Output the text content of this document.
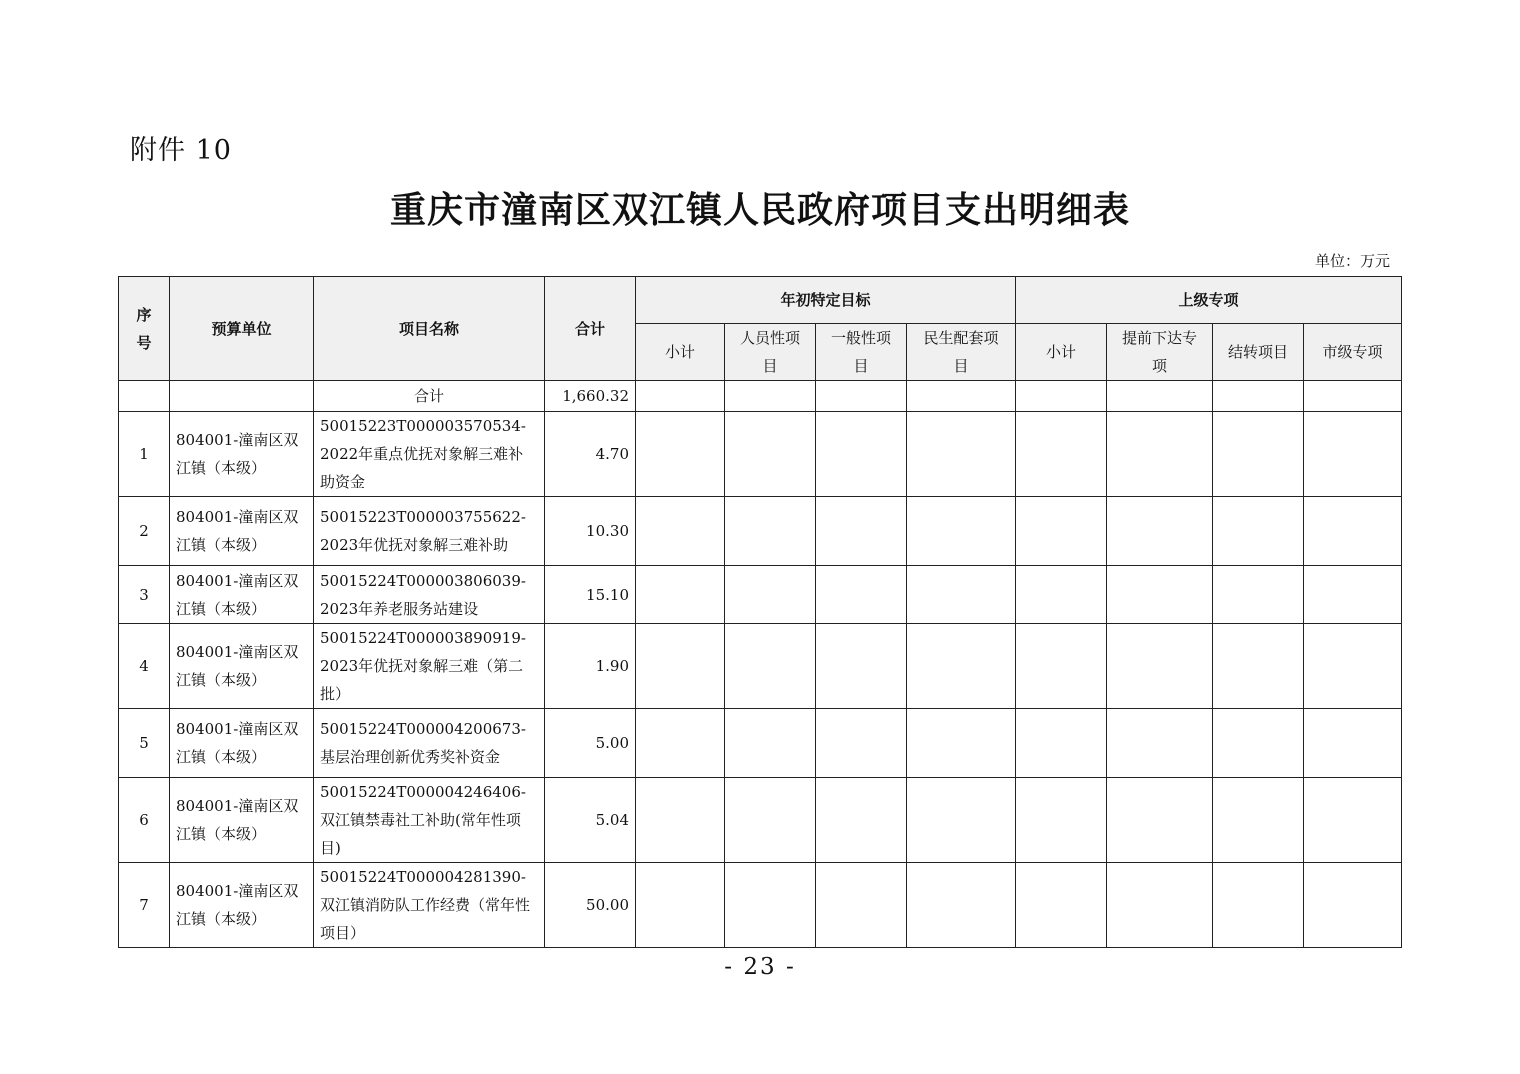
附件 10
重庆市潼南区双江镇人民政府项目支出明细表
单位：万元
序号	预算单位	项目名称	合计	年初特定目标				上级专项			
				小计	人员性项目	一般性项目	民生配套项目	小计	提前下达专项	结转项目	市级专项
		合计	1,660.32								
1	804001-潼南区双江镇（本级）	50015223T000003570534-2022年重点优抚对象解三难补助资金	4.70								
2	804001-潼南区双江镇（本级）	50015223T000003755622-2023年优抚对象解三难补助	10.30								
3	804001-潼南区双江镇（本级）	50015224T000003806039-2023年养老服务站建设	15.10								
4	804001-潼南区双江镇（本级）	50015224T000003890919-2023年优抚对象解三难（第二批）	1.90								
5	804001-潼南区双江镇（本级）	50015224T000004200673-基层治理创新优秀奖补资金	5.00								
6	804001-潼南区双江镇（本级）	50015224T000004246406-双江镇禁毒社工补助(常年性项目)	5.04								
7	804001-潼南区双江镇（本级）	50015224T000004281390-双江镇消防队工作经费（常年性项目）	50.00								
- 23 -
